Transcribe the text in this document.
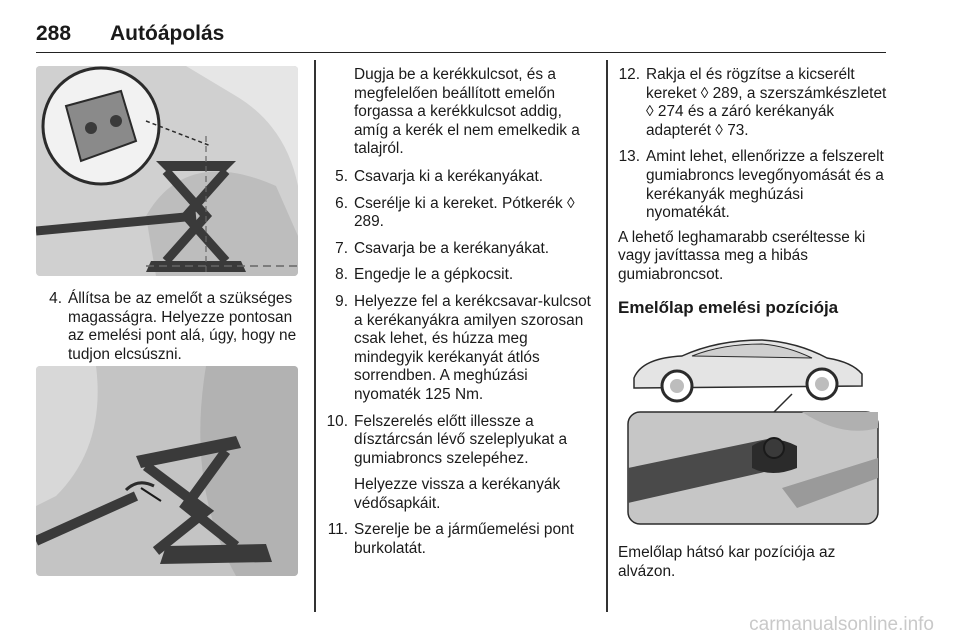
288 Autóápolás
4. Állítsa be az emelőt a szükséges magasságra. Helyezze pontosan az emelési pont alá, úgy, hogy ne tudjon elcsúszni.

Dugja be a kerékkulcsot, és a megfelelően beállított emelőn forgassa a kerékkulcsot addig, amíg a kerék el nem emelkedik a talajról.

5. Csavarja ki a kerékanyákat.
6. Cserélje ki a kereket. Pótkerék ◊ 289.
7. Csavarja be a kerékanyákat.
8. Engedje le a gépkocsit.
9. Helyezze fel a kerékcsavar-kulcsot a kerékanyákra amilyen szorosan csak lehet, és húzza meg mindegyik kerékanyát átlós sorrendben. A meghúzási nyomaték 125 Nm.
10. Felszerelés előtt illessze a dísztárcsán lévő szeleplyukat a gumiabroncs szelepéhez.
Helyezze vissza a kerékanyák védősapkáit.
11. Szerelje be a járműemelési pont burkolatát.
12. Rakja el és rögzítse a kicserélt kereket ◊ 289, a szerszámkészletet ◊ 274 és a záró kerékanyák adapterét ◊ 73.
13. Amint lehet, ellenőrizze a felszerelt gumiabroncs levegőnyomását és a kerékanyák meghúzási nyomatékát.

A lehető leghamarabb cseréltesse ki vagy javíttassa meg a hibás gumiabroncsot.

Emelőlap emelési pozíciója

Emelőlap hátsó kar pozíciója az alvázon.

carmanualsonline.info
